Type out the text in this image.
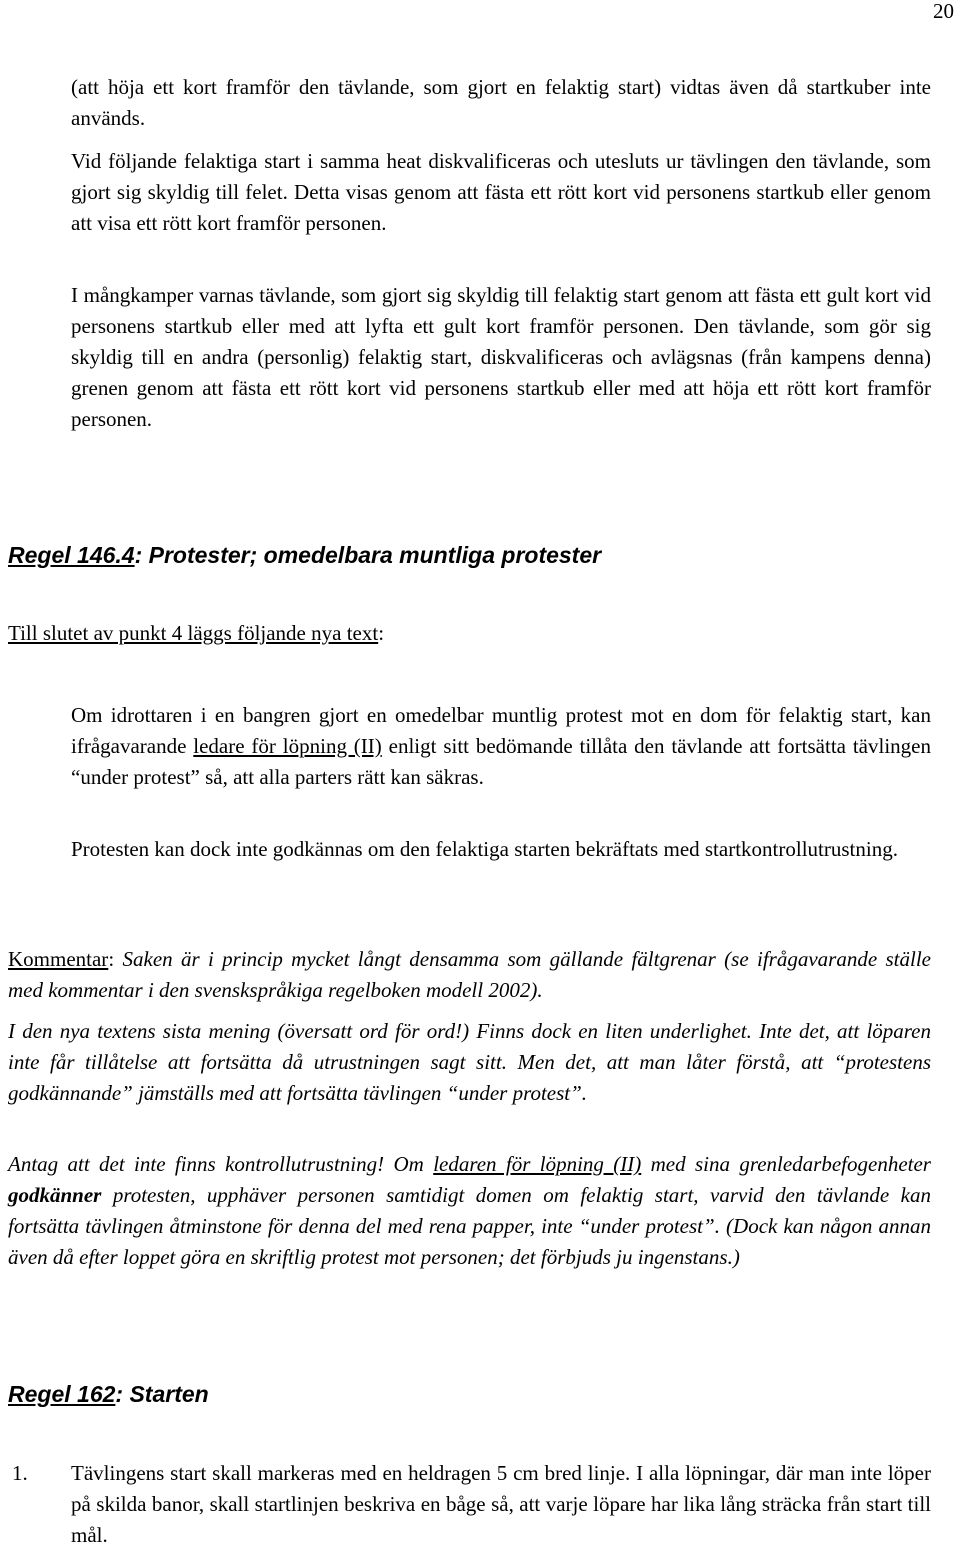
20

(att höja ett kort framför den tävlande, som gjort en felaktig start) vidtas även då startkuber inte används.

Vid följande felaktiga start i samma heat diskvalificeras och utesluts ur tävlingen den tävlande, som gjort sig skyldig till felet. Detta visas genom att fästa ett rött kort vid personens startkub eller genom att visa ett rött kort framför personen.

I mångkamper varnas tävlande, som gjort sig skyldig till felaktig start genom att fästa ett gult kort vid personens startkub eller med att lyfta ett gult kort framför personen. Den tävlande, som gör sig skyldig till en andra (personlig) felaktig start, diskvalificeras och avlägsnas (från kampens denna) grenen genom att fästa ett rött kort vid personens startkub eller med att höja ett rött kort framför personen.

Regel 146.4: Protester; omedelbara muntliga protester

Till slutet av punkt 4 läggs följande nya text:

Om idrottaren i en bangren gjort en omedelbar muntlig protest mot en dom för felaktig start, kan ifrågavarande ledare för löpning (II) enligt sitt bedömande tillåta den tävlande att fortsätta tävlingen “under protest” så, att alla parters rätt kan säkras.

Protesten kan dock inte godkännas om den felaktiga starten bekräftats med startkontrollutrustning.

Kommentar: Saken är i princip mycket långt densamma som gällande fältgrenar (se ifrågavarande ställe med kommentar i den svenskspråkiga regelboken modell 2002).

I den nya textens sista mening (översatt ord för ord!) Finns dock en liten underlighet. Inte det, att löparen inte får tillåtelse att fortsätta då utrustningen sagt sitt. Men det, att man låter förstå, att “protestens godkännande” jämställs med att fortsätta tävlingen “under protest”.

Antag att det inte finns kontrollutrustning! Om ledaren för löpning (II) med sina grenledarbefogenheter godkänner protesten, upphäver personen samtidigt domen om felaktig start, varvid den tävlande kan fortsätta tävlingen åtminstone för denna del med rena papper, inte “under protest”. (Dock kan någon annan även då efter loppet göra en skriftlig protest mot personen; det förbjuds ju ingenstans.)

Regel 162: Starten
1. Tävlingens start skall markeras med en heldragen 5 cm bred linje. I alla löpningar, där man inte löper på skilda banor, skall startlinjen beskriva en båge så, att varje löpare har lika lång sträcka från start till mål.
